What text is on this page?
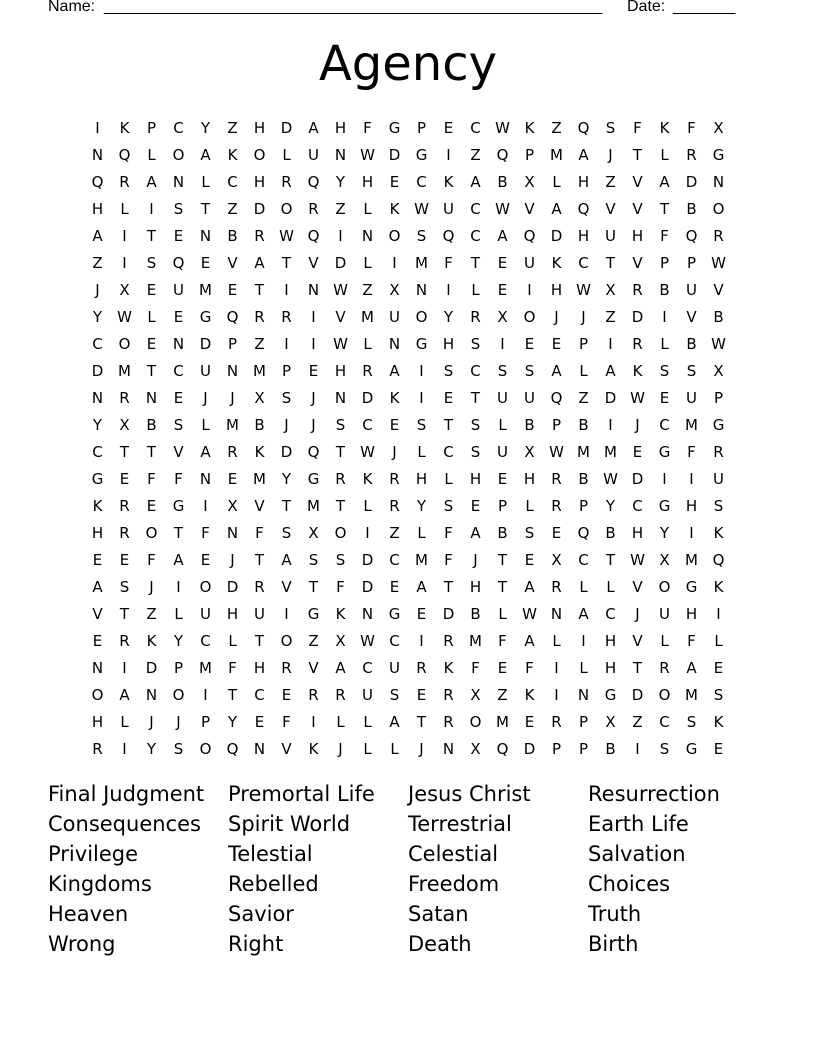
Name: ________________________________________________________ Date: _______
Agency
I	K	P	C	Y	Z	H	D	A	H	F	G	P	E	C W K	Z	Q	S	F	K	F	X
N	Q	L	O	A	K	O	L	U	N W D	G	I	Z	Q	P	M	A	J	T	L	R	G
Q	R	A	N	L	C	H	R	Q	Y	H	E	C	K	A	B	X	L	H	Z	V	A	D	N
H	L	I	S	T	Z	D	O	R	Z	L	K W U	C W V	A	Q	V	V	T	B	O
A	I	T	E	N	B	R W Q	I	N	O	S	Q	C	A	Q	D	H	U	H	F	Q	R
Z	I	S	Q	E	V	A	T	V	D	L	I	M	F	T	E	U	K	C	T	V	P	P	W
J	X	E	U	M	E	T	I	N W Z	X	N	I	L	E	I	H W X	R	B	U	V
Y	W	L	E	G	Q	R	R	I	V	M	U	O	Y	R	X	O	J	J	Z	D	I	V	B
C	O	E	N	D	P	Z	I	I	W	L	N	G	H	S	I	E	E	P	I	R	L	B W
D M	T	C	U	N M	P	E	H	R	A	I	S	C	S	S	A	L	A	K	S	S	X
N	R	N	E	J	J	X	S	J	N	D	K	I	E	T	U	U	Q	Z	D W E	U	P
Y	X	B	S	L	M	B	J	J	S	C	E	S	T	S	L	B	P	B	I	J	C	M G
C	T	T	V	A	R	K	D	Q	T	W	J	L	C	S	U	X W M M	E	G	F	R
G	E	F	F	N	E	M	Y	G	R	K	R	H	L	H	E	H	R	B W D	I	I	U
K	R	E	G	I	X	V	T	M	T	L	R	Y	S	E	P	L	R	P	Y	C	G	H	S
H	R	O	T	F	N	F	S	X	O	I	Z	L	F	A	B	S	E	Q	B	H	Y	I	K
E	E	F	A	E	J	T	A	S	S	D	C	M	F	J	T	E	X	C	T	W X	M Q
A	S	J	I	O	D	R	V	T	F	D	E	A	T	H	T	A	R	L	L	V	O	G	K
V	T	Z	L	U	H	U	I	G	K	N	G	E	D	B	L	W N	A	C	J	U	H	I
E	R	K	Y	C	L	T	O	Z	X W C	I	R	M	F	A	L	I	H	V	L	F	L
N	I	D	P	M	F	H	R	V	A	C	U	R	K	F	E	F	I	L	H	T	R	A	E
O	A	N	O	I	T	C	E	R	R	U	S	E	R	X	Z	K	I	N	G	D	O M	S
H	L	J	J	P	Y	E	F	I	L	L	A	T	R	O M	E	R	P	X	Z	C	S	K
R	I	Y	S	O	Q	N	V	K	J	L	L	J	N	X	Q	D	P	P	B	I	S	G	E
Final Judgment	Premortal Life	Jesus Christ	Resurrection
Consequences	Spirit World	Terrestrial	Earth Life
Privilege	Telestial	Celestial	Salvation
Kingdoms	Rebelled	Freedom	Choices
Heaven	Savior	Satan	Truth
Wrong	Right	Death	Birth
